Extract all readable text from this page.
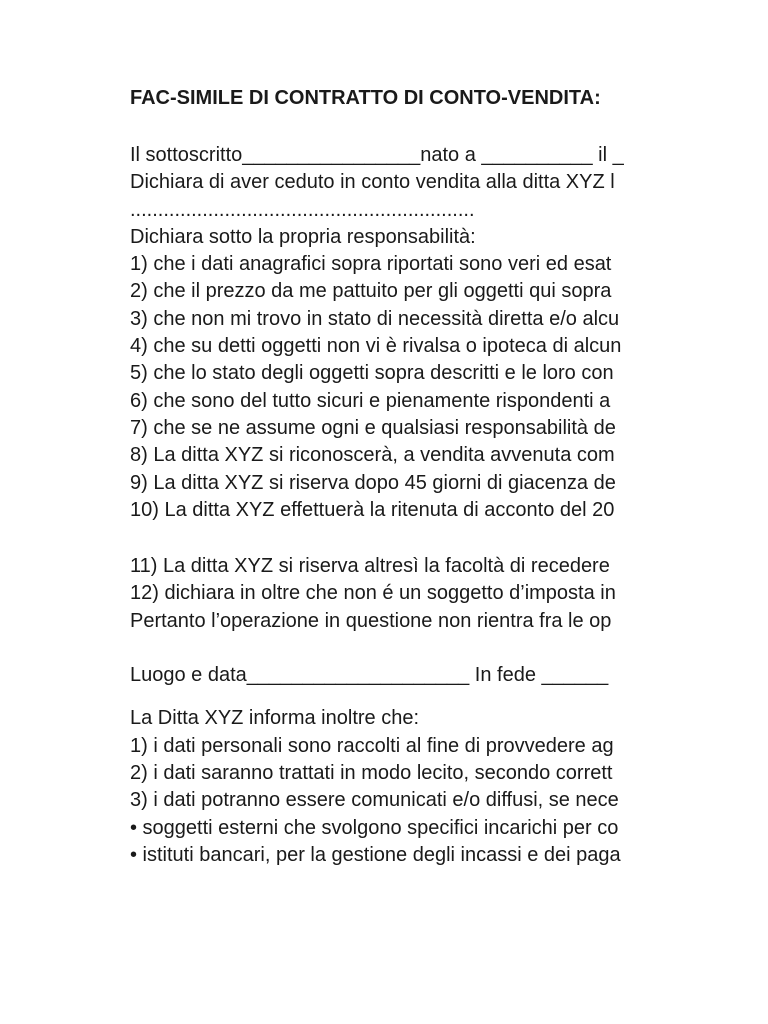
FAC-SIMILE DI CONTRATTO DI CONTO-VENDITA:

Il sottoscritto________________nato a __________ il _

Dichiara di aver ceduto in conto vendita alla ditta XYZ l

..............................................................

Dichiara sotto la propria responsabilità:

1) che i dati anagrafici sopra riportati sono veri ed esat

2) che il prezzo da me pattuito per gli oggetti qui sopra

3) che non mi trovo in stato di necessità diretta e/o alcu

4) che su detti oggetti non vi è rivalsa o ipoteca di alcun

5) che lo stato degli oggetti sopra descritti e le loro con

6) che sono del tutto sicuri e pienamente rispondenti a

7) che se ne assume ogni e qualsiasi responsabilità de

8) La ditta XYZ si riconoscerà, a vendita avvenuta com

9) La ditta XYZ si riserva dopo 45 giorni di giacenza de

10) La ditta XYZ effettuerà la ritenuta di acconto del 20

11) La ditta XYZ si riserva altresì la facoltà di recedere

12) dichiara in oltre che non é un soggetto d’imposta in

Pertanto l’operazione in questione non rientra fra le op

Luogo e data____________________ In fede ______

La Ditta XYZ informa inoltre che:

1) i dati personali sono raccolti al fine di provvedere ag

2) i dati saranno trattati in modo lecito, secondo corrett

3) i dati potranno essere comunicati e/o diffusi, se nece

• soggetti esterni che svolgono specifici incarichi per co

• istituti bancari, per la gestione degli incassi e dei paga
